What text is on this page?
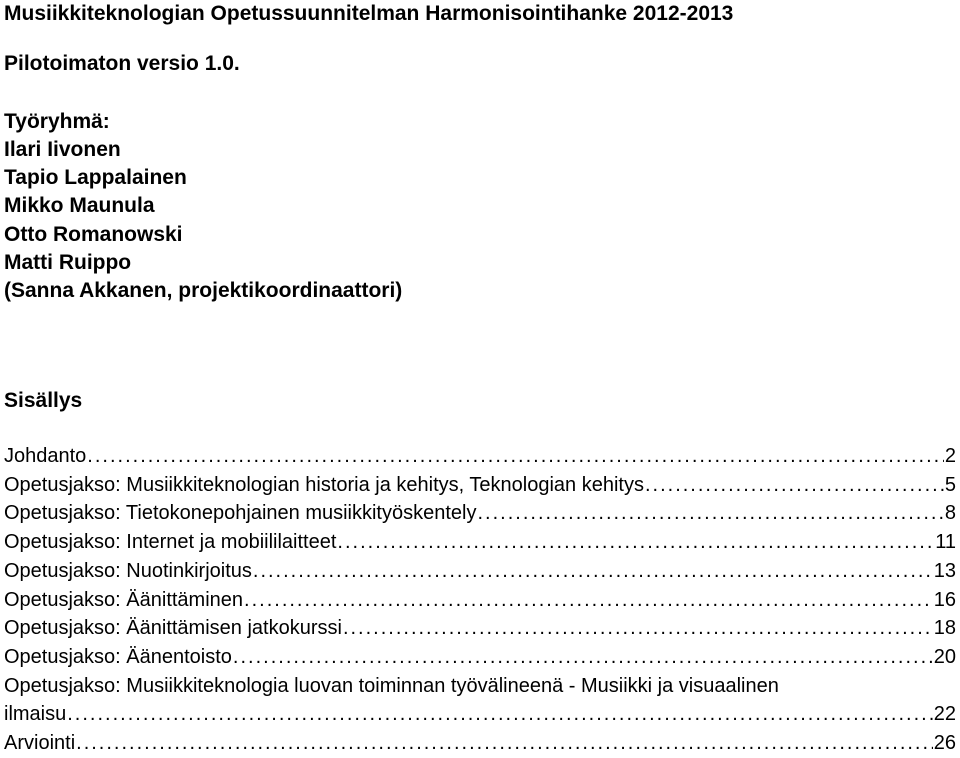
Musiikkiteknologian Opetussuunnitelman Harmonisointihanke 2012-2013
Pilotoimaton versio 1.0.
Työryhmä:
Ilari Iivonen
Tapio Lappalainen
Mikko Maunula
Otto Romanowski
Matti Ruippo
(Sanna Akkanen, projektikoordinaattori)
Sisällys
Johdanto .....	2
Opetusjakso: Musiikkiteknologian historia ja kehitys, Teknologian kehitys .....	5
Opetusjakso: Tietokonepohjainen musiikkityöskentely .....	8
Opetusjakso: Internet ja mobiililaitteet .....	11
Opetusjakso: Nuotinkirjoitus .....	13
Opetusjakso: Äänittäminen .....	16
Opetusjakso: Äänittämisen jatkokurssi .....	18
Opetusjakso: Äänentoisto .....	20
Opetusjakso: Musiikkiteknologia luovan toiminnan työvälineenä - Musiikki ja visuaalinen
ilmaisu .....	22
Arviointi .....	26
